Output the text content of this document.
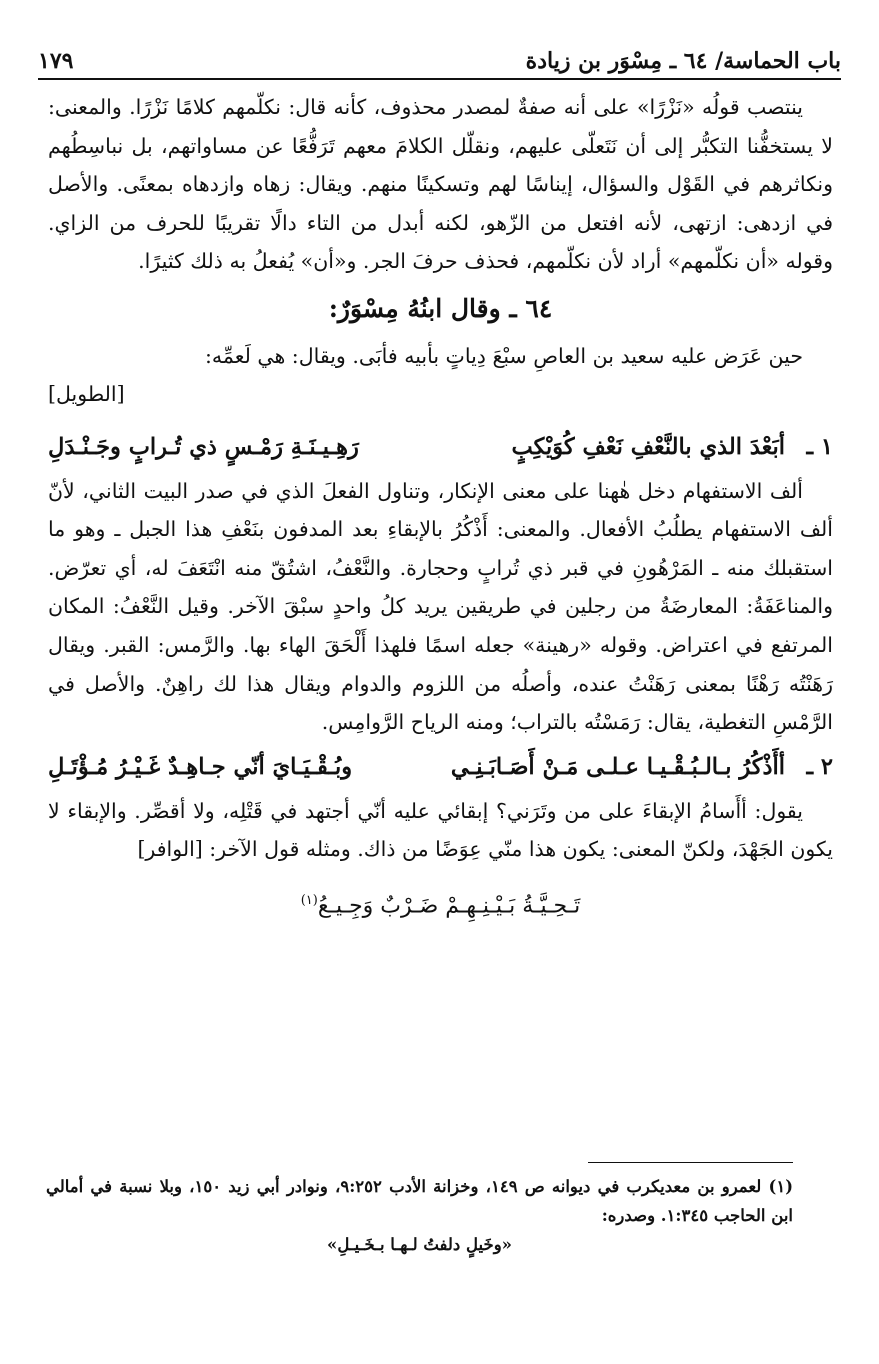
باب الحماسة/ ٦٤ ـ مِسْوَر بن زيادة
١٧٩

ينتصب قولُه «نَزْرًا» على أنه صفةٌ لمصدر محذوف، كأنه قال: نكلّمهم كلامًا نَزْرًا. والمعنى: لا يستخفُّنا التكبُّر إلى أن نَتَعلّى عليهم، ونقلّل الكلامَ معهم تَرَفُّعًا عن مساواتهم، بل نباسِطُهم ونكاثرهم في القَوْل والسؤال، إيناسًا لهم وتسكينًا منهم. ويقال: زهاه وازدهاه بمعنًى. والأصل في ازدهى: ازتهى، لأنه افتعل من الزّهو، لكنه أبدل من التاء دالًا تقريبًا للحرف من الزاي. وقوله «أن نكلّمهم» أراد لأن نكلّمهم، فحذف حرفَ الجر. و«أن» يُفعلُ به ذلك كثيرًا.

٦٤ ـ وقال ابنُهُ مِسْوَرٌ:

حين عَرَض عليه سعيد بن العاصِ سبْعَ دِياتٍ بأبيه فأبَى. ويقال: هي لَعمِّه:

[الطويل]

١ ـ
أبَعْدَ الذي بالنَّعْفِ نَعْفِ كُوَيْكِبٍ
رَهِـيـنَـةِ رَمْـسٍ ذي تُـرابٍ وجَـنْـدَلِ

ألف الاستفهام دخل هٰهنا على معنى الإنكار، وتناول الفعلَ الذي في صدر البيت الثاني، لأنّ ألف الاستفهام يطلُبُ الأفعال. والمعنى: أَذْكُرُ بالإبقاءِ بعد المدفون بنَعْفِ هذا الجبل ـ وهو ما استقبلك منه ـ المَرْهُونِ في قبر ذي تُرابٍ وحجارة. والنَّعْفُ، اشتُقّ منه انْتَعَفَ له، أي تعرّض. والمناعَفَةُ: المعارضَةُ من رجلين في طريقين يريد كلُ واحدٍ سبْقَ الآخر. وقيل النَّعْفُ: المكان المرتفع في اعتراض. وقوله «رهينة» جعله اسمًا فلهذا أَلْحَقَ الهاء بها. والرَّمس: القبر. ويقال رَهَنْتُه رَهْنًا بمعنى رَهَنْتُ عنده، وأصلُه من اللزوم والدوام ويقال هذا لك راهِنٌ. والأصل في الرَّمْسِ التغطية، يقال: رَمَسْتُه بالتراب؛ ومنه الرياح الرَّوامِس.

٢ ـ
أأَذْكُرُ بـالـبُـقْـيـا عـلـى مَـنْ أَصَـابَـنِـي
وبُـقْـيَـايَ أنّي جـاهِـدٌ غَـيْـرُ مُـؤْتَـلِ

يقول: أأَسامُ الإبقاءَ على من وتَرَني؟ إبقائي عليه أنّي أجتهد في قَتْلِه، ولا أقصِّر. والإبقاء لا يكون الجَهْدَ، ولكنّ المعنى: يكون هذا منّي عِوَضًا من ذاك. ومثله قول الآخر: [الوافر]

تَـحِـيَّـةُ بَـيْـنِـهِـمْ ضَـرْبٌ وَجِـيـعُ$^{(١)}$

(١) لعمرو بن معديكرب في ديوانه ص ١٤٩، وخزانة الأدب ٩:٢٥٢، ونوادر أبي زيد ١٥٠، وبلا نسبة في أمالي ابن الحاجب ١:٣٤٥. وصدره:

«وخَيلٍ دلفتُ لـهـا بـخَـيـلِ»
